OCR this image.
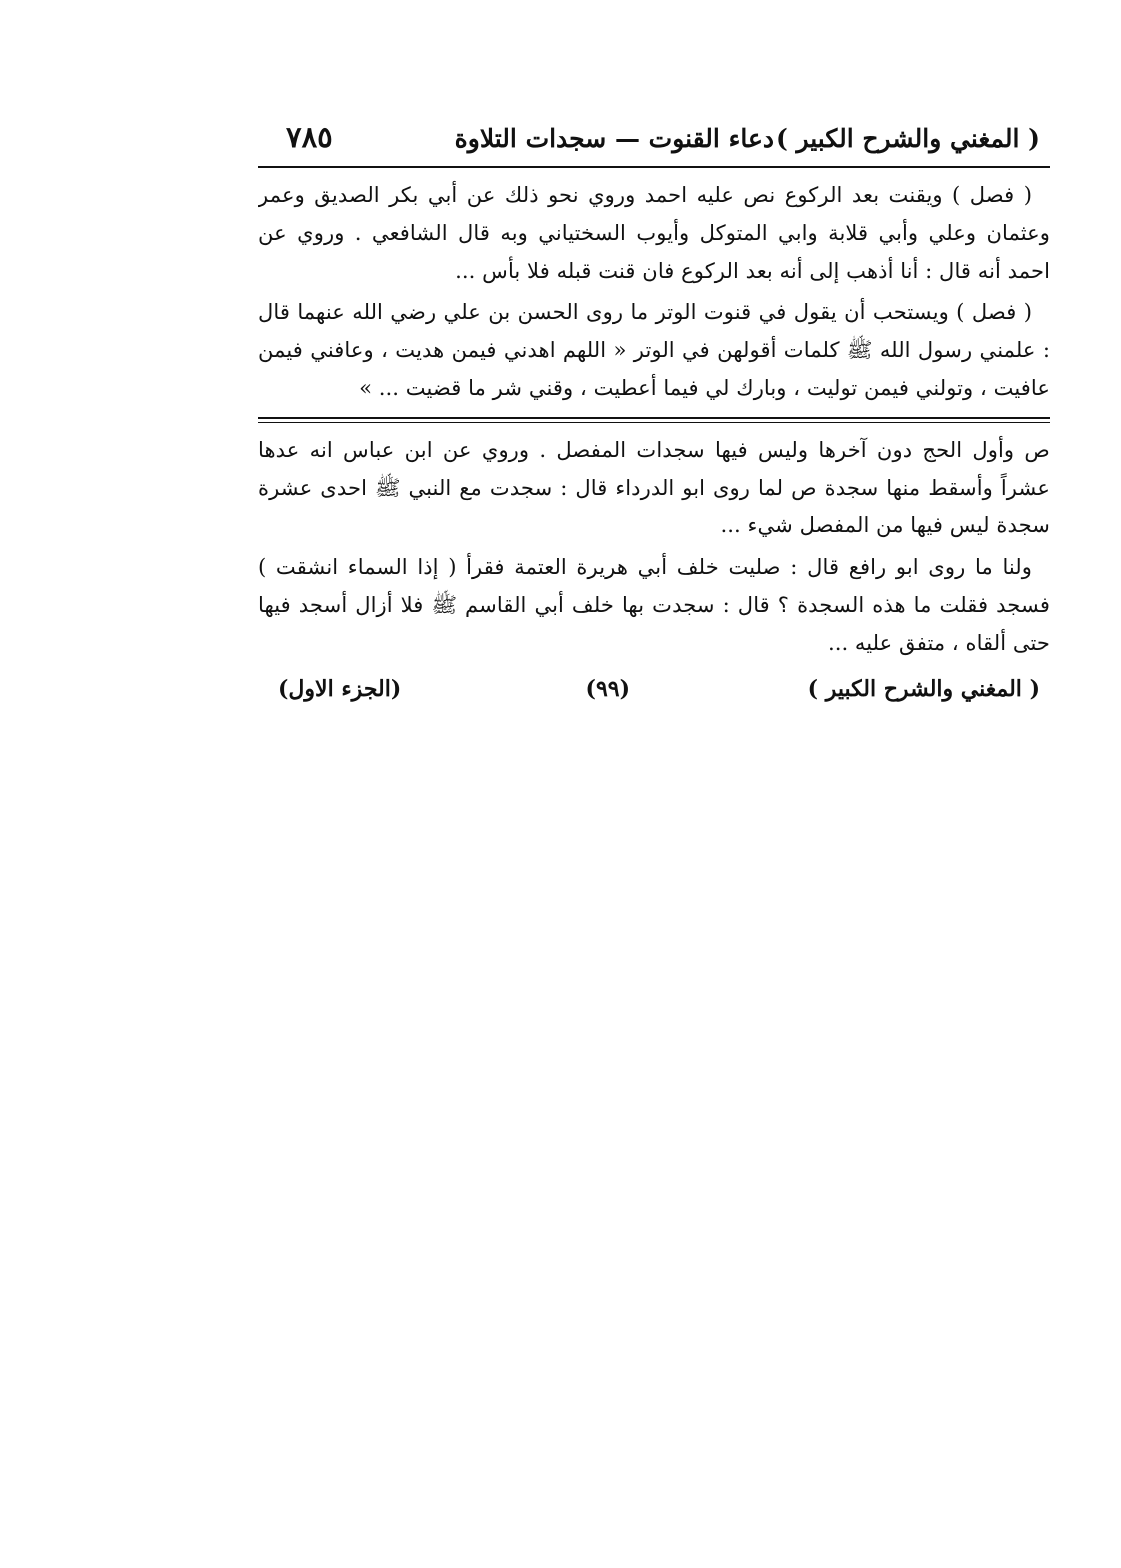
( المغني والشرح الكبير )
دعاء القنوت — سجدات التلاوة
٧٨٥

( فصل ) ويقنت بعد الركوع نص عليه احمد وروي نحو ذلك عن أبي بكر الصديق وعمر وعثمان وعلي وأبي قلابة وابي المتوكل وأيوب السختياني وبه قال الشافعي . وروي عن احمد أنه قال : أنا أذهب إلى أنه بعد الركوع فان قنت قبله فلا بأس ...

( فصل ) ويستحب أن يقول في قنوت الوتر ما روى الحسن بن علي رضي الله عنهما قال : علمني رسول الله ﷺ كلمات أقولهن في الوتر « اللهم اهدني فيمن هديت ، وعافني فيمن عافيت ، وتولني فيمن توليت ، وبارك لي فيما أعطيت ، وقني شر ما قضيت ... »

ص وأول الحج دون آخرها وليس فيها سجدات المفصل . وروي عن ابن عباس انه عدها عشراً وأسقط منها سجدة ص لما روى ابو الدرداء قال : سجدت مع النبي ﷺ احدى عشرة سجدة ليس فيها من المفصل شيء ...

ولنا ما روى ابو رافع قال : صليت خلف أبي هريرة العتمة فقرأ ( إذا السماء انشقت ) فسجد فقلت ما هذه السجدة ؟ قال : سجدت بها خلف أبي القاسم ﷺ فلا أزال أسجد فيها حتى ألقاه ، متفق عليه ...

( المغني والشرح الكبير )
(٩٩)
(الجزء الاول)
